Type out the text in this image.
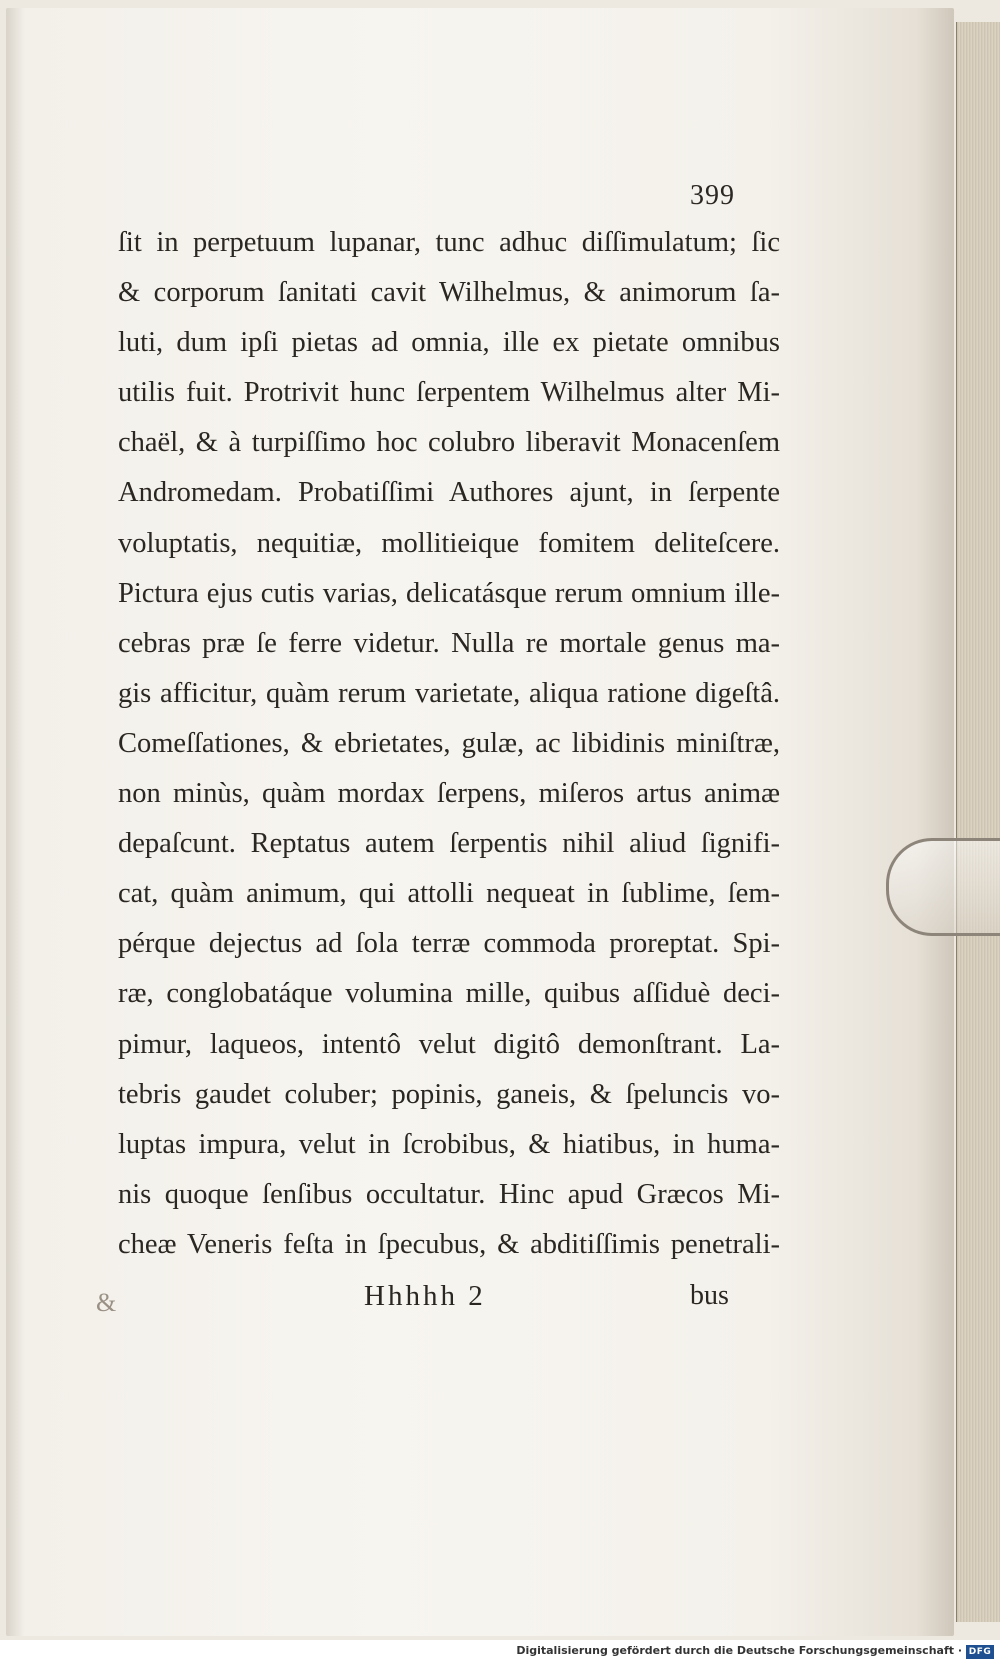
399
ſit in perpetuum lupanar, tunc adhuc diſſimulatum; ſic
& corporum ſanitati cavit Wilhelmus, & animorum ſa-
luti, dum ipſi pietas ad omnia, ille ex pietate omnibus
utilis fuit. Protrivit hunc ſerpentem Wilhelmus alter Mi-
chaël, & à turpiſſimo hoc colubro liberavit Monacenſem
Andromedam. Probatiſſimi Authores ajunt, in ſerpente
voluptatis, nequitiæ, mollitieique fomitem deliteſcere.
Pictura ejus cutis varias, delicatásque rerum omnium ille-
cebras præ ſe ferre videtur. Nulla re mortale genus ma-
gis afficitur, quàm rerum varietate, aliqua ratione digeſtâ.
Comeſſationes, & ebrietates, gulæ, ac libidinis miniſtræ,
non minùs, quàm mordax ſerpens, miſeros artus animæ
depaſcunt. Reptatus autem ſerpentis nihil aliud ſignifi-
cat, quàm animum, qui attolli nequeat in ſublime, ſem-
pérque dejectus ad ſola terræ commoda proreptat. Spi-
ræ, conglobatáque volumina mille, quibus aſſiduè deci-
pimur, laqueos, intentô velut digitô demonſtrant. La-
tebris gaudet coluber; popinis, ganeis, & ſpeluncis vo-
luptas impura, velut in ſcrobibus, & hiatibus, in huma-
nis quoque ſenſibus occultatur. Hinc apud Græcos Mi-
cheæ Veneris feſta in ſpecubus, & abditiſſimis penetrali-
&	Hhhhh 2	bus
Digitalisierung gefördert durch die Deutsche Forschungsgemeinschaft · DFG
